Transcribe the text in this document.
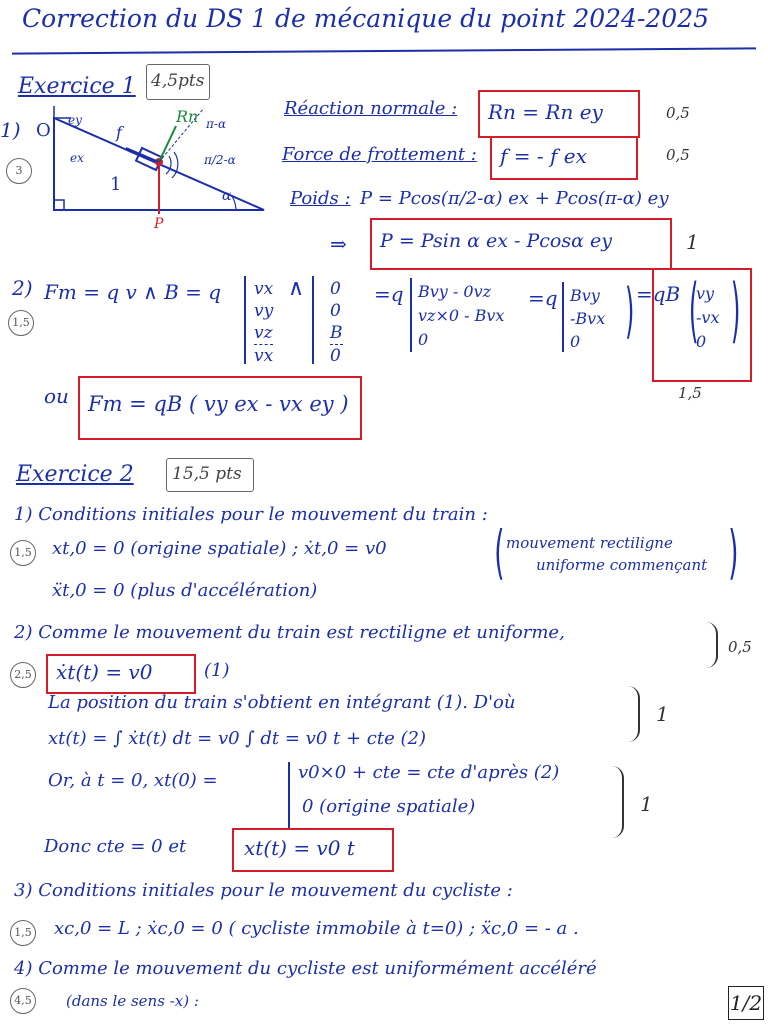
Correction du DS 1 de mécanique du point 2024-2025
Exercice 1 4,5pts
1)
3
O ey
ex
1
f
Rn
P
π-α
π/2-α
α
Réaction normale : Rn = Rn ey	0,5
Force de frottement : f = - f ex	0,5
Poids : P = Pcos(π/2-α) ex + Pcos(π-α) ey
⇒ P = Psin α ex - Pcosα ey	1
2)
1,5
Fm = q v ∧ B = q vx
vy
vz
vx
∧ 0
0
B
0
=q Bvy - 0vz
vz×0 - Bvx
0
=q Bvy
-Bvx
0 ) =qB (
vy
-vx
0 )
1,5
ou Fm = qB ( vy ex - vx ey )
Exercice 2 15,5 pts
1) Conditions initiales pour le mouvement du train :
1,5 xt,0 = 0 (origine spatiale) ; ẋt,0 = v0 ( mouvement rectiligne
uniforme commençant )
ẍt,0 = 0 (plus d'accélération)
2) Comme le mouvement du train est rectiligne et uniforme,
0,5
2,5 ẋt(t) = v0	(1)
La position du train s'obtient en intégrant (1). D'où	1
xt(t) = ∫ ẋt(t) dt = v0 ∫ dt = v0 t + cte (2)
Or, à t = 0, xt(0) =	v0×0 + cte = cte d'après (2)
0 (origine spatiale)	1
Donc cte = 0 et	xt(t) = v0 t
3) Conditions initiales pour le mouvement du cycliste :
1,5 xc,0 = L ; ẋc,0 = 0 ( cycliste immobile à t=0) ; ẍc,0 = - a .
4) Comme le mouvement du cycliste est uniformément accéléré
4,5 (dans le sens -x) :	1/2
